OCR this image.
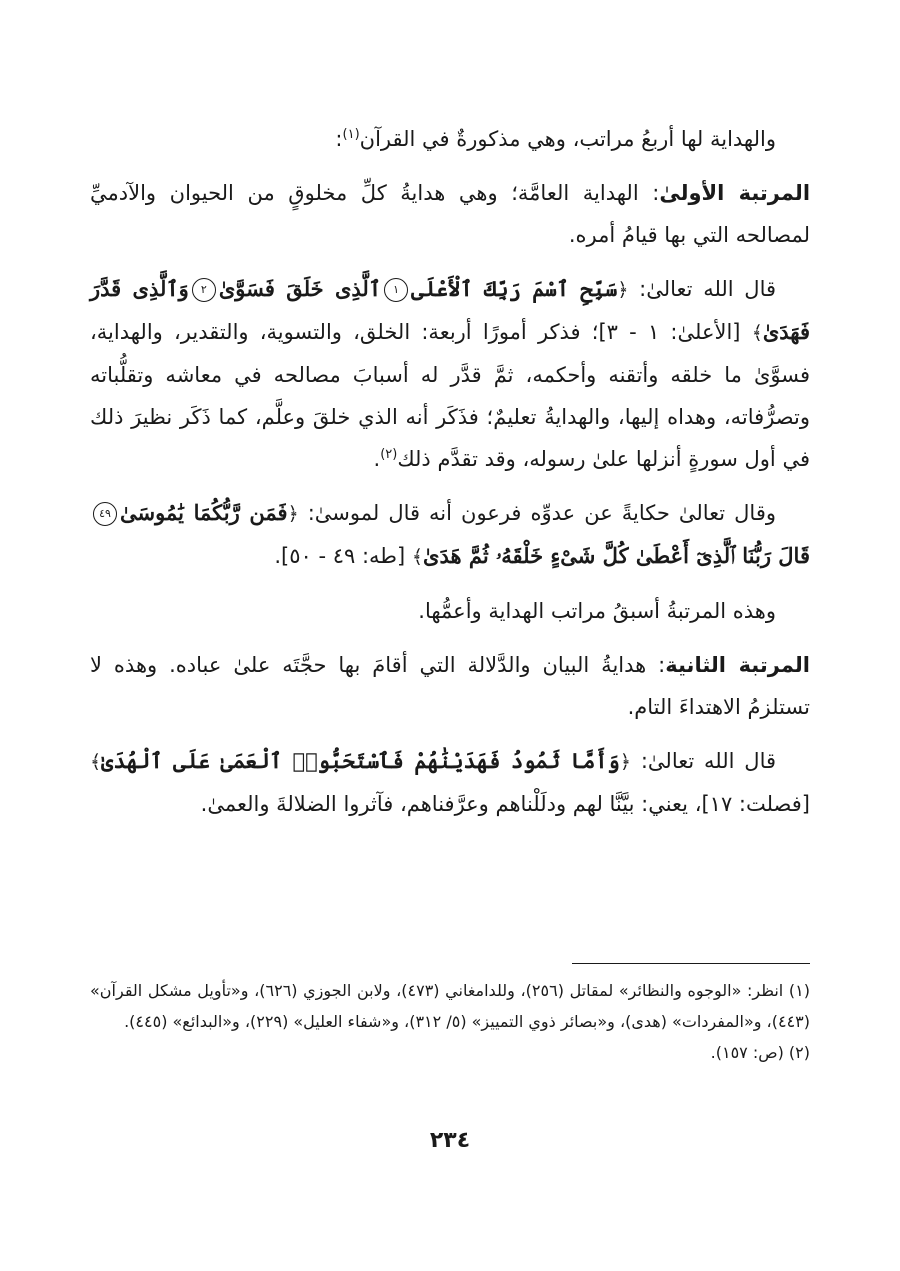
والهداية لها أربعُ مراتب، وهي مذكورةٌ في القرآن$^{(١)}$:

المرتبة الأولىٰ: الهداية العامَّة؛ وهي هدايةُ كلِّ مخلوقٍ من الحيوان والآدميِّ لمصالحه التي بها قيامُ أمره.

قال الله تعالىٰ: ﴿سَبِّحِ ٱسْمَ رَبِّكَ ٱلْأَعْلَى١ٱلَّذِى خَلَقَ فَسَوَّىٰ٢وَٱلَّذِى قَدَّرَ فَهَدَىٰ﴾ [الأعلىٰ: ١ - ٣]؛ فذكر أمورًا أربعة: الخلق، والتسوية، والتقدير، والهداية، فسوَّىٰ ما خلقه وأتقنه وأحكمه، ثمَّ قدَّر له أسبابَ مصالحه في معاشه وتقلُّباته وتصرُّفاته، وهداه إليها، والهدايةُ تعليمٌ؛ فذَكَر أنه الذي خلقَ وعلَّم، كما ذَكَر نظيرَ ذلك في أول سورةٍ أنزلها علىٰ رسوله، وقد تقدَّم ذلك$^{(٢)}$.

وقال تعالىٰ حكايةً عن عدوِّه فرعون أنه قال لموسىٰ: ﴿فَمَن رَّبُّكُمَا يَٰمُوسَىٰ٤٩قَالَ رَبُّنَا ٱلَّذِىٓ أَعْطَىٰ كُلَّ شَىْءٍ خَلْقَهُۥ ثُمَّ هَدَىٰ﴾ [طه: ٤٩ - ٥٠].

وهذه المرتبةُ أسبقُ مراتب الهداية وأعمُّها.

المرتبة الثانية: هدايةُ البيان والدَّلالة التي أقامَ بها حجَّتَه علىٰ عباده. وهذه لا تستلزمُ الاهتداءَ التام.

قال الله تعالىٰ: ﴿وَأَمَّا ثَمُودُ فَهَدَيْنَٰهُمْ فَٱسْتَحَبُّوا۟ ٱلْعَمَىٰ عَلَى ٱلْهُدَىٰ﴾ [فصلت: ١٧]، يعني: بيَّنَّا لهم ودلَلْناهم وعرَّفناهم، فآثروا الضلالةَ والعمىٰ.

(١) انظر: «الوجوه والنظائر» لمقاتل (٢٥٦)، وللدامغاني (٤٧٣)، ولابن الجوزي (٦٢٦)، و«تأويل مشكل القرآن» (٤٤٣)، و«المفردات» (هدى)، و«بصائر ذوي التمييز» (٥/ ٣١٢)، و«شفاء العليل» (٢٢٩)، و«البدائع» (٤٤٥).

(٢) (ص: ١٥٧).

٢٣٤
